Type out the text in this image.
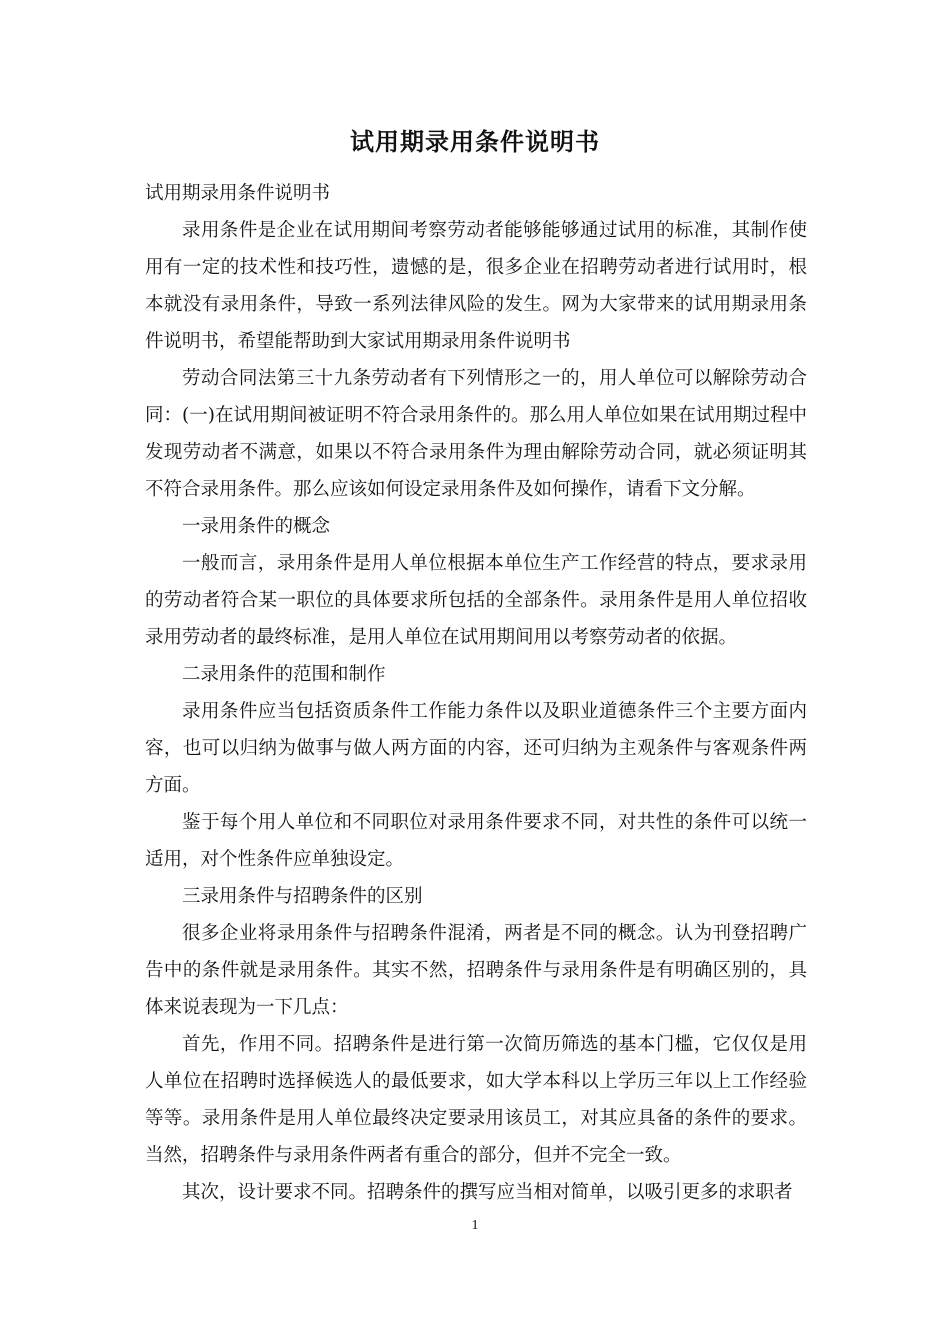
试用期录用条件说明书

试用期录用条件说明书

录用条件是企业在试用期间考察劳动者能够能够通过试用的标准，其制作使用有一定的技术性和技巧性，遗憾的是，很多企业在招聘劳动者进行试用时，根本就没有录用条件，导致一系列法律风险的发生。网为大家带来的试用期录用条件说明书，希望能帮助到大家试用期录用条件说明书

劳动合同法第三十九条劳动者有下列情形之一的，用人单位可以解除劳动合同：(一)在试用期间被证明不符合录用条件的。那么用人单位如果在试用期过程中发现劳动者不满意，如果以不符合录用条件为理由解除劳动合同，就必须证明其不符合录用条件。那么应该如何设定录用条件及如何操作，请看下文分解。

一录用条件的概念

一般而言，录用条件是用人单位根据本单位生产工作经营的特点，要求录用的劳动者符合某一职位的具体要求所包括的全部条件。录用条件是用人单位招收录用劳动者的最终标准，是用人单位在试用期间用以考察劳动者的依据。

二录用条件的范围和制作

录用条件应当包括资质条件工作能力条件以及职业道德条件三个主要方面内容，也可以归纳为做事与做人两方面的内容，还可归纳为主观条件与客观条件两方面。

鉴于每个用人单位和不同职位对录用条件要求不同，对共性的条件可以统一适用，对个性条件应单独设定。

三录用条件与招聘条件的区别

很多企业将录用条件与招聘条件混淆，两者是不同的概念。认为刊登招聘广告中的条件就是录用条件。其实不然，招聘条件与录用条件是有明确区别的，具体来说表现为一下几点：

首先，作用不同。招聘条件是进行第一次简历筛选的基本门槛，它仅仅是用人单位在招聘时选择候选人的最低要求，如大学本科以上学历三年以上工作经验等等。录用条件是用人单位最终决定要录用该员工，对其应具备的条件的要求。当然，招聘条件与录用条件两者有重合的部分，但并不完全一致。

其次，设计要求不同。招聘条件的撰写应当相对简单，以吸引更多的求职者

1
